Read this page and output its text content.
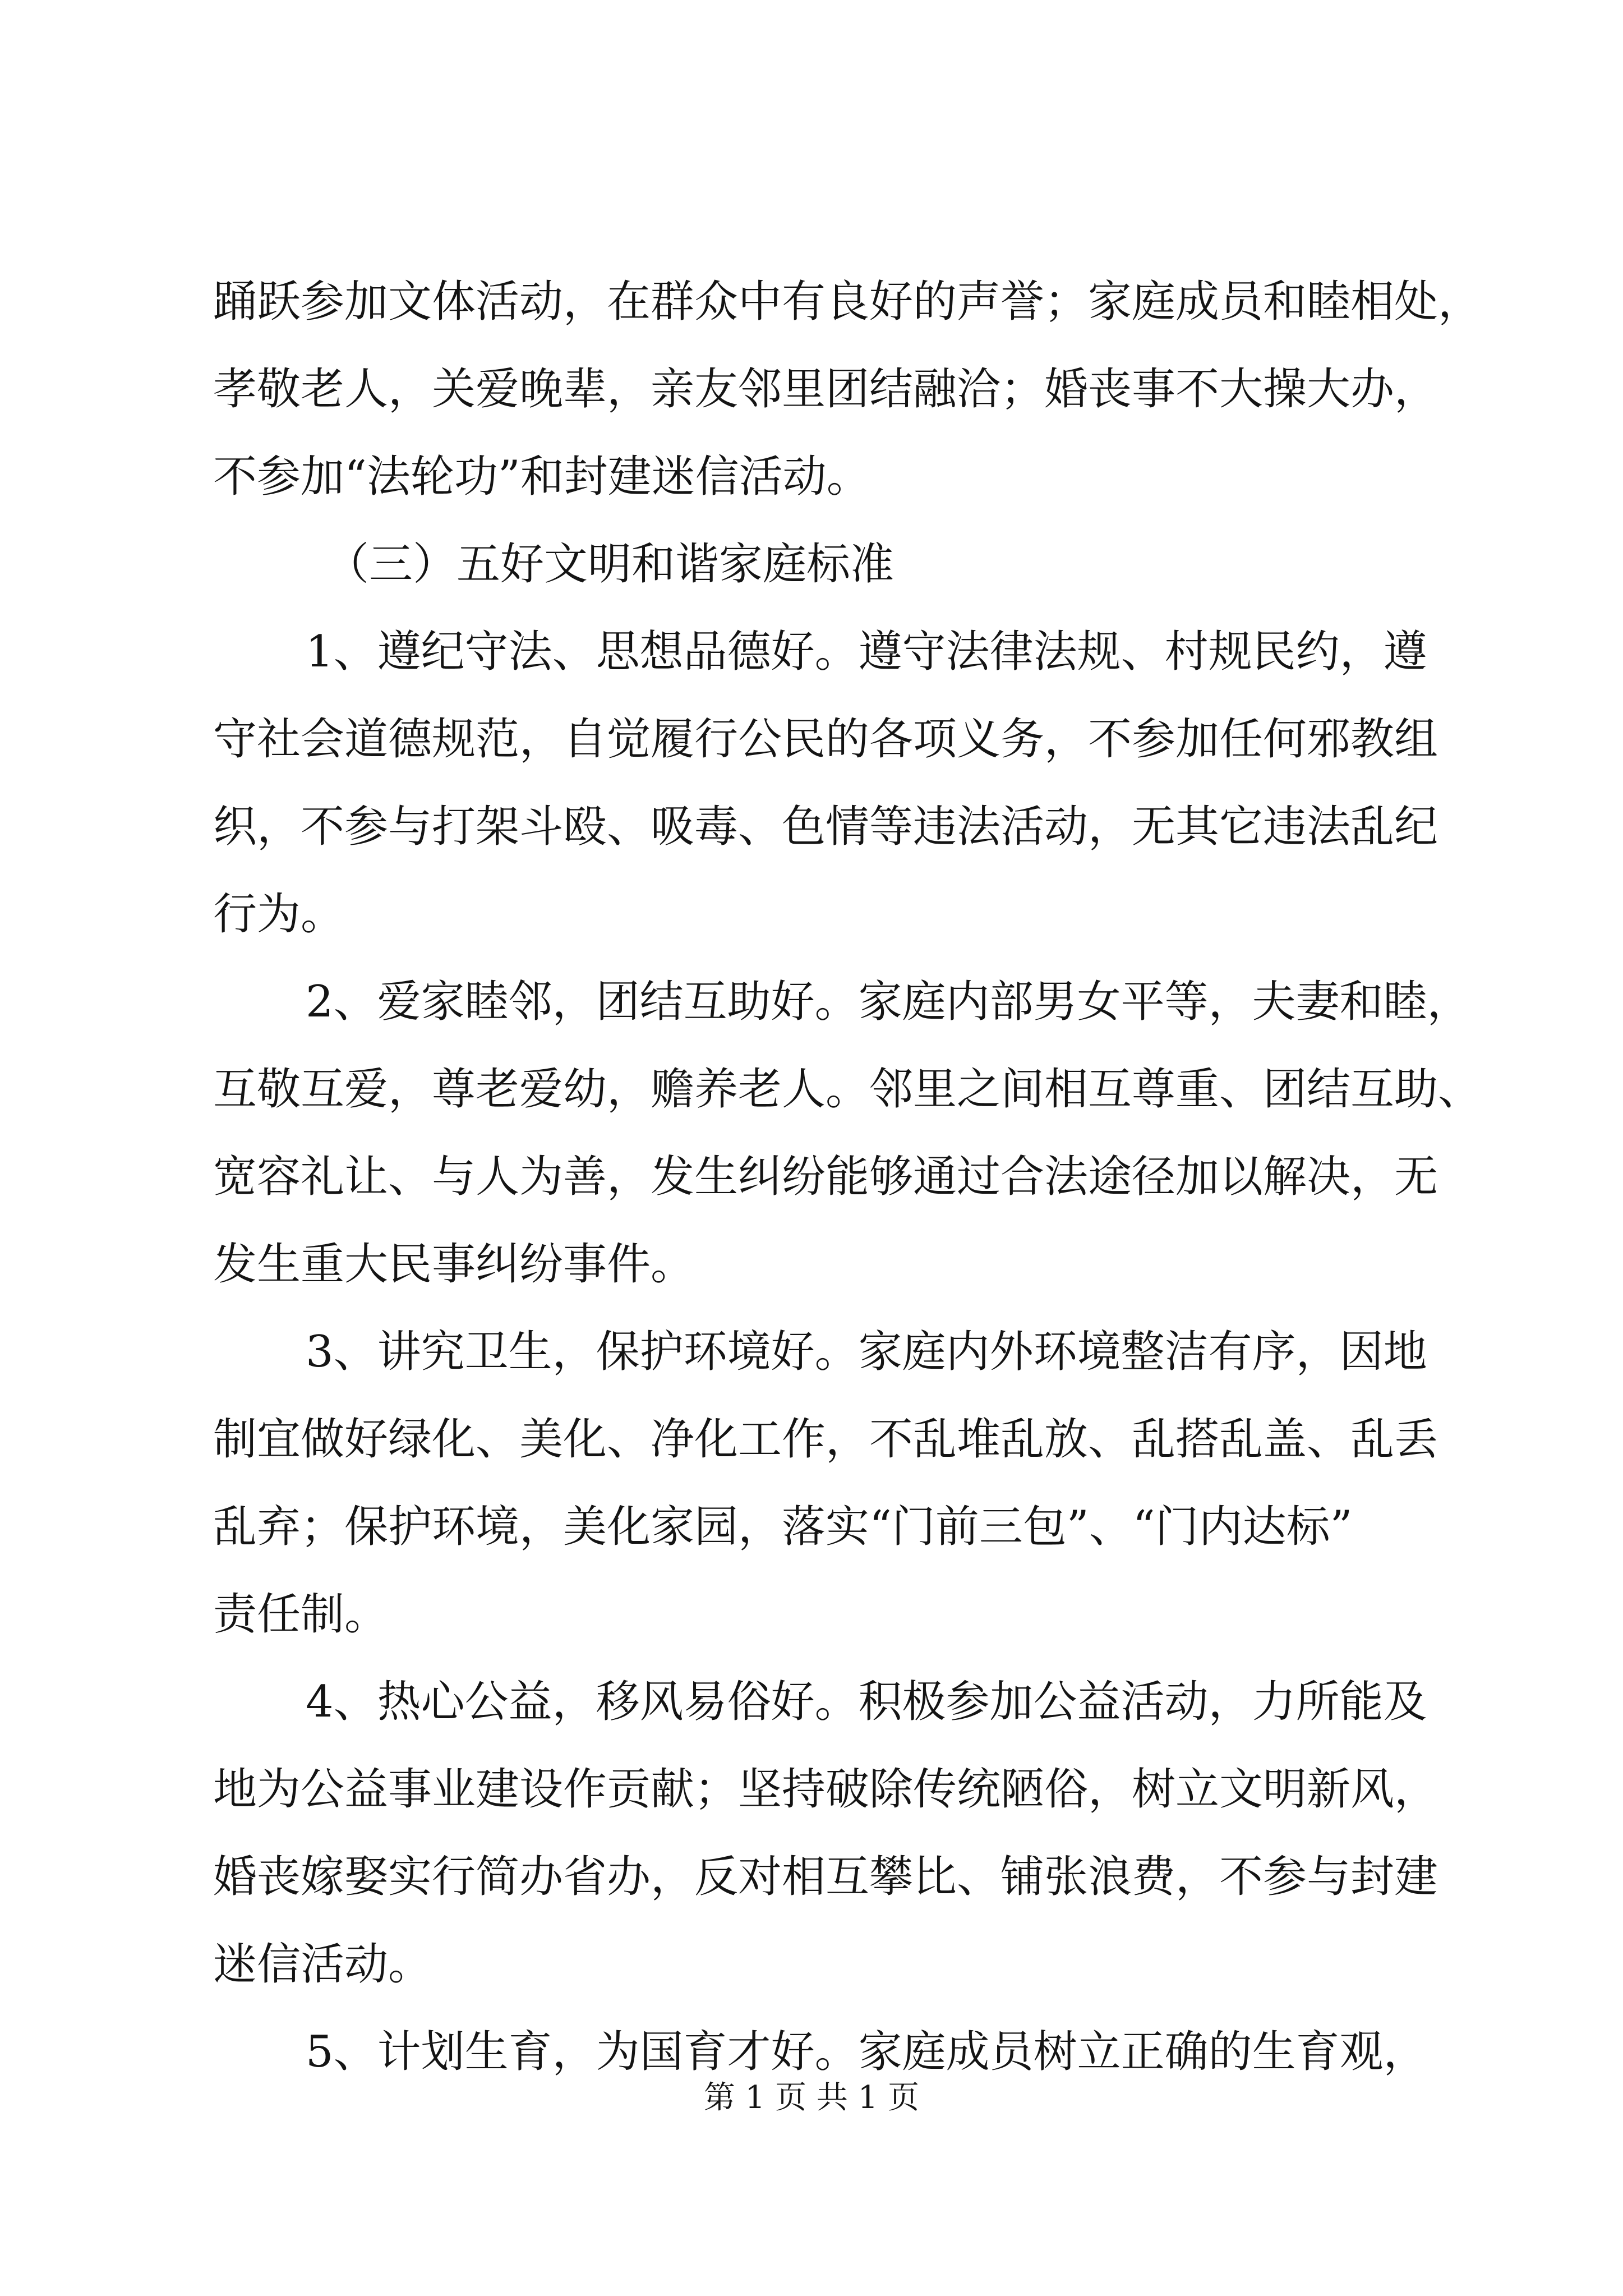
踊跃参加文体活动，在群众中有良好的声誉；家庭成员和睦相处，
孝敬老人，关爱晚辈，亲友邻里团结融洽；婚丧事不大操大办，
不参加“法轮功”和封建迷信活动。
（三）五好文明和谐家庭标准
1、遵纪守法、思想品德好。遵守法律法规、村规民约，遵
守社会道德规范，自觉履行公民的各项义务，不参加任何邪教组
织，不参与打架斗殴、吸毒、色情等违法活动，无其它违法乱纪
行为。
2、爱家睦邻，团结互助好。家庭内部男女平等，夫妻和睦，
互敬互爱，尊老爱幼，赡养老人。邻里之间相互尊重、团结互助、
宽容礼让、与人为善，发生纠纷能够通过合法途径加以解决，无
发生重大民事纠纷事件。
3、讲究卫生，保护环境好。家庭内外环境整洁有序，因地
制宜做好绿化、美化、净化工作，不乱堆乱放、乱搭乱盖、乱丢
乱弃；保护环境，美化家园，落实“门前三包”、“门内达标”
责任制。
4、热心公益，移风易俗好。积极参加公益活动，力所能及
地为公益事业建设作贡献；坚持破除传统陋俗，树立文明新风，
婚丧嫁娶实行简办省办，反对相互攀比、铺张浪费，不参与封建
迷信活动。
5、计划生育，为国育才好。家庭成员树立正确的生育观，
第 1 页 共 1 页
